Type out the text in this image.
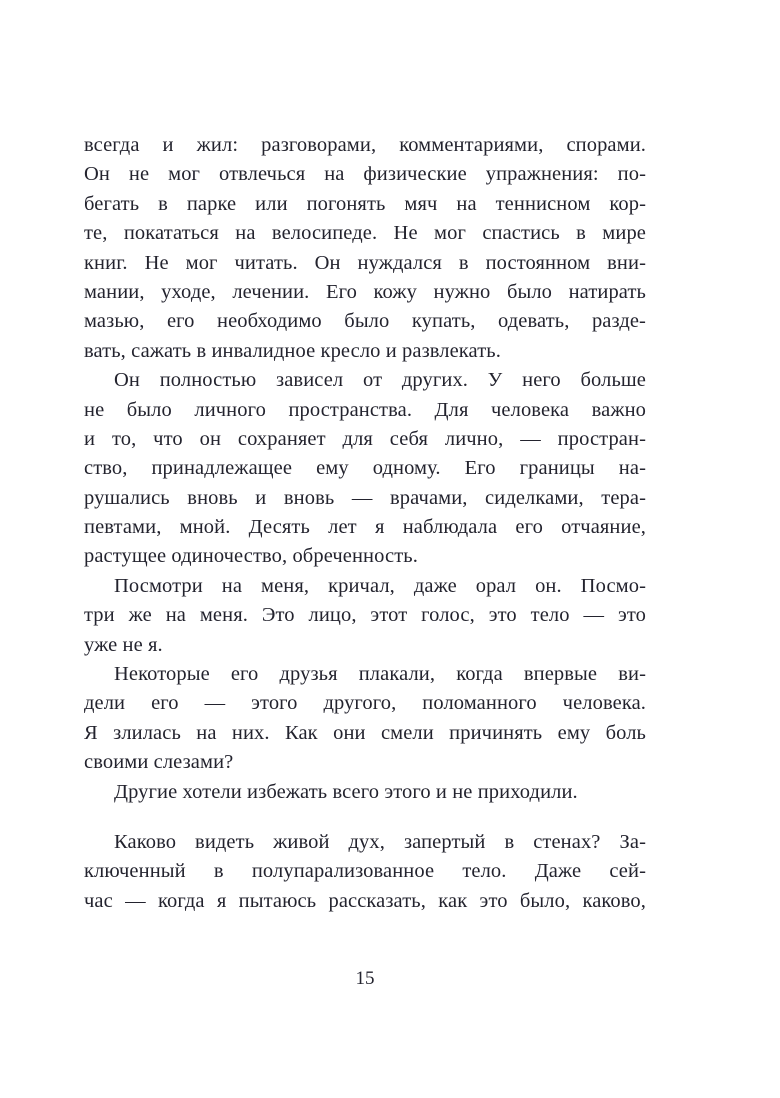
всегда и жил: разговорами, комментариями, спорами.
Он не мог отвлечься на физические упражнения: по-
бегать в парке или погонять мяч на теннисном кор-
те, покататься на велосипеде. Не мог спастись в мире
книг. Не мог читать. Он нуждался в постоянном вни-
мании, уходе, лечении. Его кожу нужно было натирать
мазью, его необходимо было купать, одевать, разде-
вать, сажать в инвалидное кресло и развлекать.
Он полностью зависел от других. У него больше
не было личного пространства. Для человека важно
и то, что он сохраняет для себя лично, — простран-
ство, принадлежащее ему одному. Его границы на-
рушались вновь и вновь — врачами, сиделками, тера-
певтами, мной. Десять лет я наблюдала его отчаяние,
растущее одиночество, обреченность.
Посмотри на меня, кричал, даже орал он. Посмо-
три же на меня. Это лицо, этот голос, это тело — это
уже не я.
Некоторые его друзья плакали, когда впервые ви-
дели его — этого другого, поломанного человека.
Я злилась на них. Как они смели причинять ему боль
своими слезами?
Другие хотели избежать всего этого и не приходили.
Каково видеть живой дух, запертый в стенах? За-
ключенный в полупарализованное тело. Даже сей-
час — когда я пытаюсь рассказать, как это было, каково,
15
